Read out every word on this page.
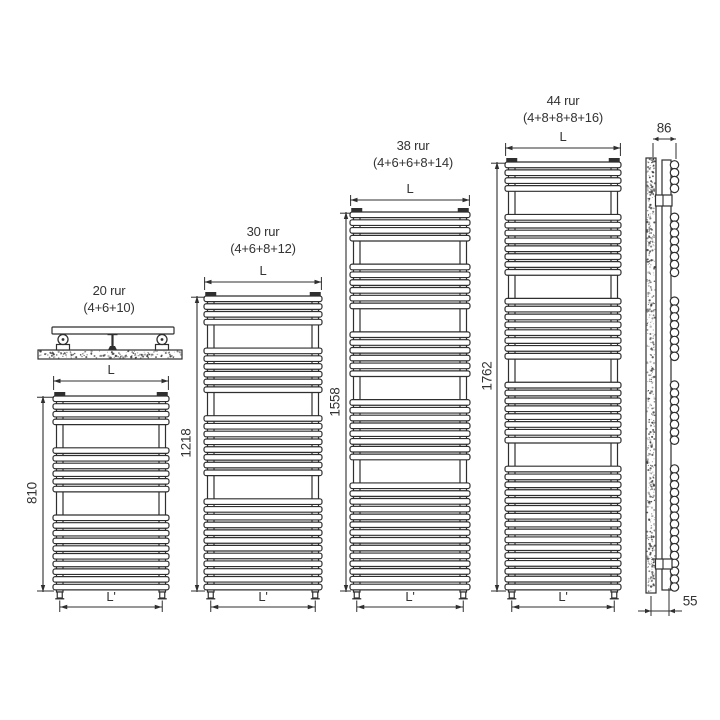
20 rur
(4+6+10)
L
810
L'
30 rur
(4+6+8+12)
L
1218
L'
38 rur
(4+6+6+8+14)
L
1558
L'
44 rur
(4+8+8+8+16)
L
1762
L'
86
55
